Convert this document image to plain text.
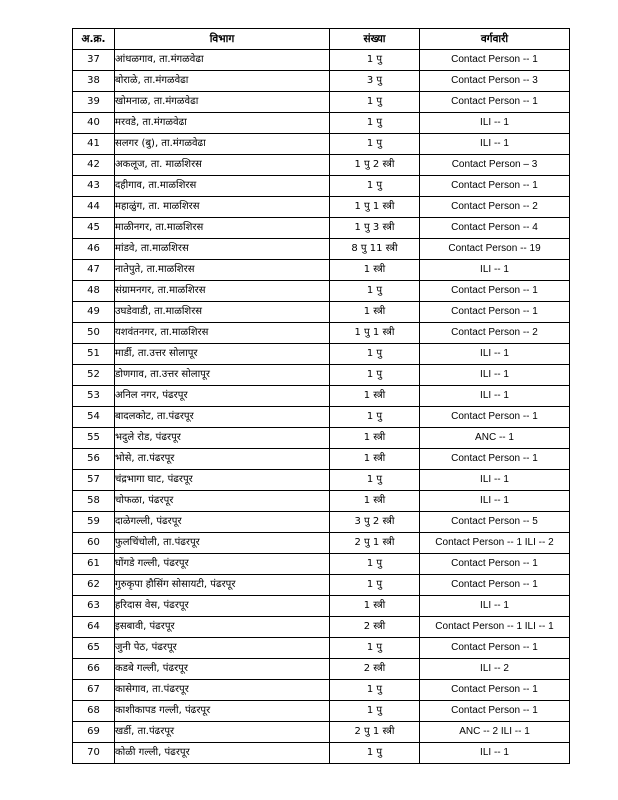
अ.क्र.	विभाग	संख्या	वर्गवारी
37	आंधळगाव, ता.मंगळवेढा	1 पु	Contact Person -- 1
38	बोराळे, ता.मंगळवेढा	3 पु	Contact Person -- 3
39	खोमनाळ, ता.मंगळवेढा	1 पु	Contact Person -- 1
40	मरवडे, ता.मंगळवेढा	1 पु	ILI -- 1
41	सलगर (बु), ता.मंगळवेढा	1 पु	ILI -- 1
42	अकलूज, ता. माळशिरस	1 पु 2 स्त्री	Contact Person – 3
43	दहीगाव, ता.माळशिरस	1 पु	Contact Person -- 1
44	महाळुंग, ता. माळशिरस	1 पु 1 स्त्री	Contact Person -- 2
45	माळीनगर, ता.माळशिरस	1 पु 3 स्त्री	Contact Person -- 4
46	मांडवे, ता.माळशिरस	8 पु 11 स्त्री	Contact Person -- 19
47	नातेपुते, ता.माळशिरस	1 स्त्री	ILI -- 1
48	संग्रामनगर, ता.माळशिरस	1 पु	Contact Person -- 1
49	उघडेवाडी, ता.माळशिरस	1 स्त्री	Contact Person -- 1
50	यशवंतनगर, ता.माळशिरस	1 पु 1 स्त्री	Contact Person -- 2
51	मार्डी, ता.उत्तर सोलापूर	1 पु	ILI -- 1
52	डोणगाव, ता.उत्तर सोलापूर	1 पु	ILI -- 1
53	अनिल नगर, पंढरपूर	1 स्त्री	ILI -- 1
54	बादलकोट, ता.पंढरपूर	1 पु	Contact Person -- 1
55	भदुले रोड, पंढरपूर	1 स्त्री	ANC -- 1
56	भोसे, ता.पंढरपूर	1 स्त्री	Contact Person -- 1
57	चंद्रभागा घाट, पंढरपूर	1 पु	ILI -- 1
58	चोफळा, पंढरपूर	1 स्त्री	ILI -- 1
59	दाळेगल्ली, पंढरपूर	3 पु 2 स्त्री	Contact Person -- 5
60	फुलचिंचोली, ता.पंढरपूर	2 पु 1 स्त्री	Contact Person -- 1 ILI -- 2
61	घोंगडे गल्ली, पंढरपूर	1 पु	Contact Person -- 1
62	गुरुकृपा हौसिंग सोसायटी, पंढरपूर	1 पु	Contact Person -- 1
63	हरिदास वेस, पंढरपूर	1 स्त्री	ILI -- 1
64	इसबावी, पंढरपूर	2 स्त्री	Contact Person -- 1 ILI -- 1
65	जुनी पेठ, पंढरपूर	1 पु	Contact Person -- 1
66	कडबे गल्ली, पंढरपूर	2 स्त्री	ILI -- 2
67	कासेगाव, ता.पंढरपूर	1 पु	Contact Person -- 1
68	काशीकापड गल्ली, पंढरपूर	1 पु	Contact Person -- 1
69	खर्डी, ता.पंढरपूर	2 पु 1 स्त्री	ANC -- 2 ILI -- 1
70	कोळी गल्ली, पंढरपूर	1 पु	ILI -- 1
